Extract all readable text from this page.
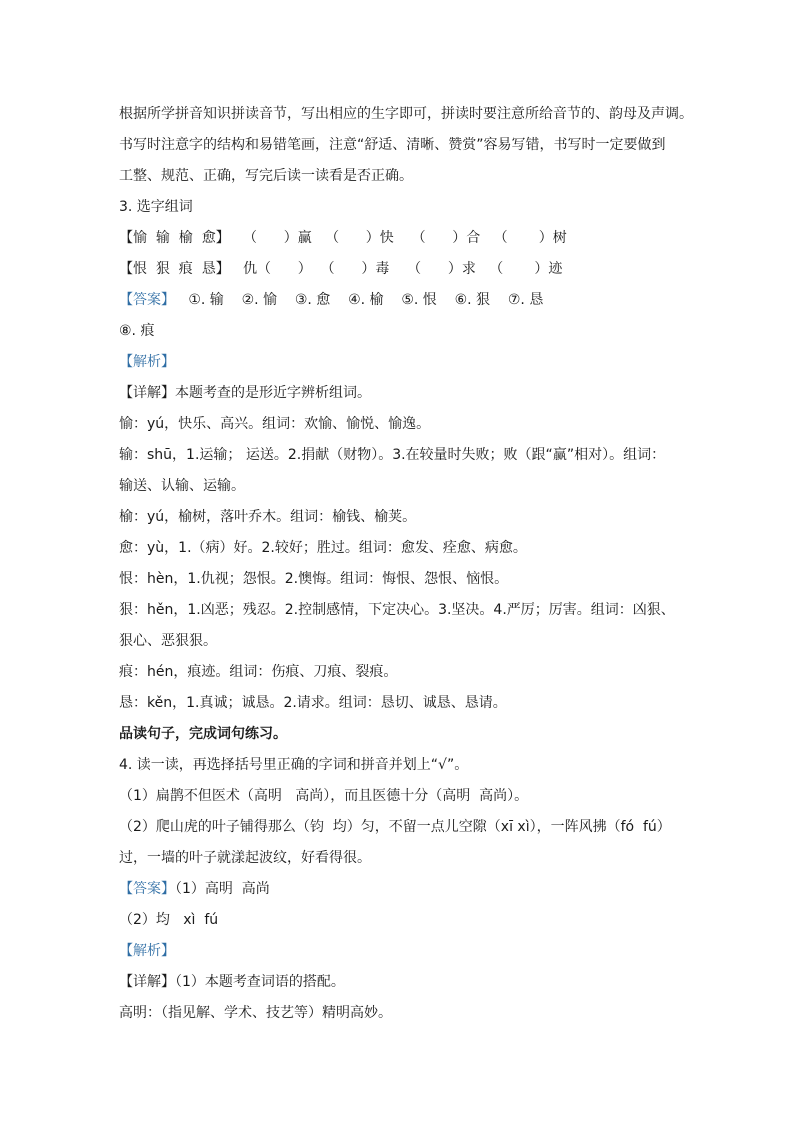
根据所学拼音知识拼读音节，写出相应的生字即可，拼读时要注意所给音节的、韵母及声调。
书写时注意字的结构和易错笔画，注意“舒适、清晰、赞赏”容易写错，书写时一定要做到
工整、规范、正确，写完后读一读看是否正确。
3. 选字组词
【愉  输  榆  愈】   （      ）赢   （      ）快    （      ）合   （       ）树
【恨  狠  痕  恳】   仇（      ）  （      ）毒    （      ）求   （       ）迹
【答案】   ①. 输    ②. 愉    ③. 愈    ④. 榆    ⑤. 恨    ⑥. 狠    ⑦. 恳
⑧. 痕
【解析】
【详解】本题考查的是形近字辨析组词。
愉：yú，快乐、高兴。组词：欢愉、愉悦、愉逸。
输：shū，1.运输； 运送。2.捐献（财物）。3.在较量时失败；败（跟“赢”相对）。组词：
输送、认输、运输。
榆：yú，榆树，落叶乔木。组词：榆钱、榆荚。
愈：yù，1.（病）好。2.较好；胜过。组词：愈发、痊愈、病愈。
恨：hèn，1.仇视；怨恨。2.懊悔。组词：悔恨、怨恨、恼恨。
狠：hěn，1.凶恶；残忍。2.控制感情，下定决心。3.坚决。4.严厉；厉害。组词：凶狠、
狠心、恶狠狠。
痕：hén，痕迹。组词：伤痕、刀痕、裂痕。
恳：kěn，1.真诚；诚恳。2.请求。组词：恳切、诚恳、恳请。
品读句子，完成词句练习。
4. 读一读，再选择括号里正确的字词和拼音并划上“√”。
（1）扁鹊不但医术（高明   高尚），而且医德十分（高明  高尚）。
（2）爬山虎的叶子铺得那么（钧  均）匀，不留一点儿空隙（xī xì），一阵风拂（fó  fú）
过，一墙的叶子就漾起波纹，好看得很。
【答案】（1）高明  高尚
（2）均   xì  fú
【解析】
【详解】（1）本题考查词语的搭配。
高明：（指见解、学术、技艺等）精明高妙。
